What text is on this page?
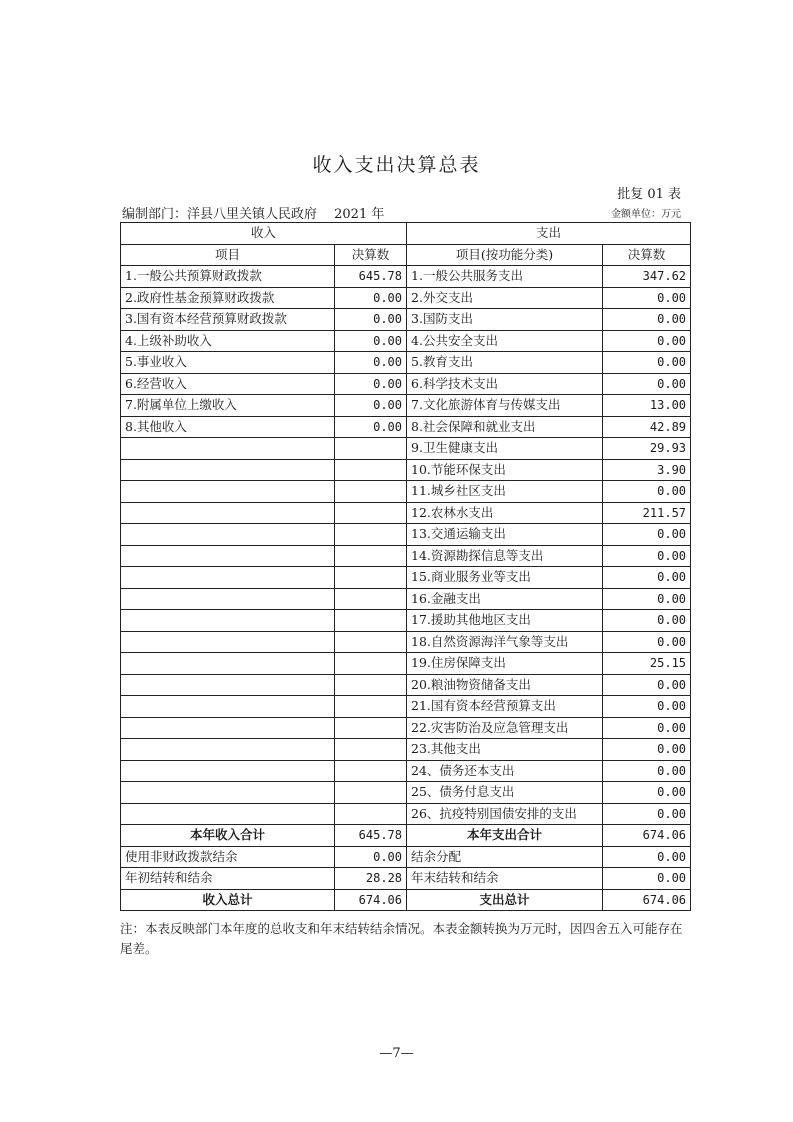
收入支出决算总表
批复 01 表
编制部门：洋县八里关镇人民政府　 2021 年	金额单位：万元
收入		支出	
项目	决算数	项目(按功能分类)	决算数
1.一般公共预算财政拨款	645.78	1.一般公共服务支出	347.62
2.政府性基金预算财政拨款	0.00	2.外交支出	0.00
3.国有资本经营预算财政拨款	0.00	3.国防支出	0.00
4.上级补助收入	0.00	4.公共安全支出	0.00
5.事业收入	0.00	5.教育支出	0.00
6.经营收入	0.00	6.科学技术支出	0.00
7.附属单位上缴收入	0.00	7.文化旅游体育与传媒支出	13.00
8.其他收入	0.00	8.社会保障和就业支出	42.89
		9.卫生健康支出	29.93
		10.节能环保支出	3.90
		11.城乡社区支出	0.00
		12.农林水支出	211.57
		13.交通运输支出	0.00
		14.资源勘探信息等支出	0.00
		15.商业服务业等支出	0.00
		16.金融支出	0.00
		17.援助其他地区支出	0.00
		18.自然资源海洋气象等支出	0.00
		19.住房保障支出	25.15
		20.粮油物资储备支出	0.00
		21.国有资本经营预算支出	0.00
		22.灾害防治及应急管理支出	0.00
		23.其他支出	0.00
		24、债务还本支出	0.00
		25、债务付息支出	0.00
		26、抗疫特别国债安排的支出	0.00
本年收入合计	645.78	本年支出合计	674.06
使用非财政拨款结余	0.00	结余分配	0.00
年初结转和结余	28.28	年末结转和结余	0.00
收入总计	674.06	支出总计	674.06
注：本表反映部门本年度的总收支和年末结转结余情况。本表金额转换为万元时，因四舍五入可能存在尾差。
—7—
